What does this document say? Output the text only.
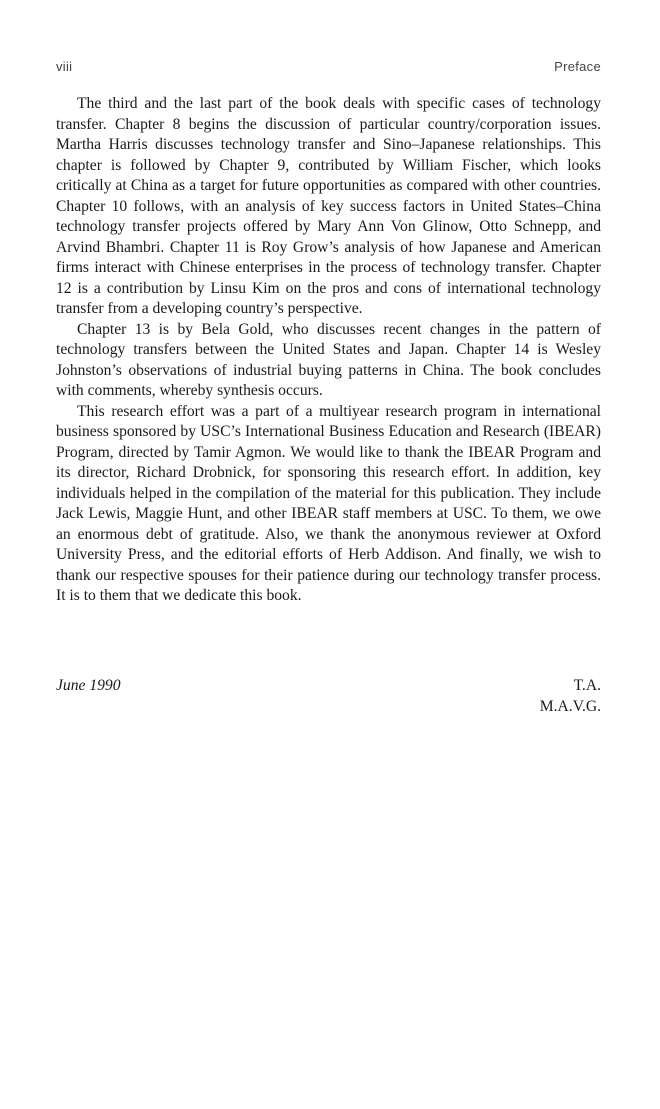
viii	Preface

The third and the last part of the book deals with specific cases of technology transfer. Chapter 8 begins the discussion of particular country/corporation issues. Martha Harris discusses technology transfer and Sino–Japanese relationships. This chapter is followed by Chapter 9, contributed by William Fischer, which looks critically at China as a target for future opportunities as compared with other countries. Chapter 10 follows, with an analysis of key success factors in United States–China technology transfer projects offered by Mary Ann Von Glinow, Otto Schnepp, and Arvind Bhambri. Chapter 11 is Roy Grow’s analysis of how Japanese and American firms interact with Chinese enterprises in the process of technology transfer. Chapter 12 is a contribution by Linsu Kim on the pros and cons of international technology transfer from a developing country’s perspective.

Chapter 13 is by Bela Gold, who discusses recent changes in the pattern of technology transfers between the United States and Japan. Chapter 14 is Wesley Johnston’s observations of industrial buying patterns in China. The book concludes with comments, whereby synthesis occurs.

This research effort was a part of a multiyear research program in international business sponsored by USC’s International Business Education and Research (IBEAR) Program, directed by Tamir Agmon. We would like to thank the IBEAR Program and its director, Richard Drobnick, for sponsoring this research effort. In addition, key individuals helped in the compilation of the material for this publication. They include Jack Lewis, Maggie Hunt, and other IBEAR staff members at USC. To them, we owe an enormous debt of gratitude. Also, we thank the anonymous reviewer at Oxford University Press, and the editorial efforts of Herb Addison. And finally, we wish to thank our respective spouses for their patience during our technology transfer process. It is to them that we dedicate this book.

June 1990	T.A.
M.A.V.G.
